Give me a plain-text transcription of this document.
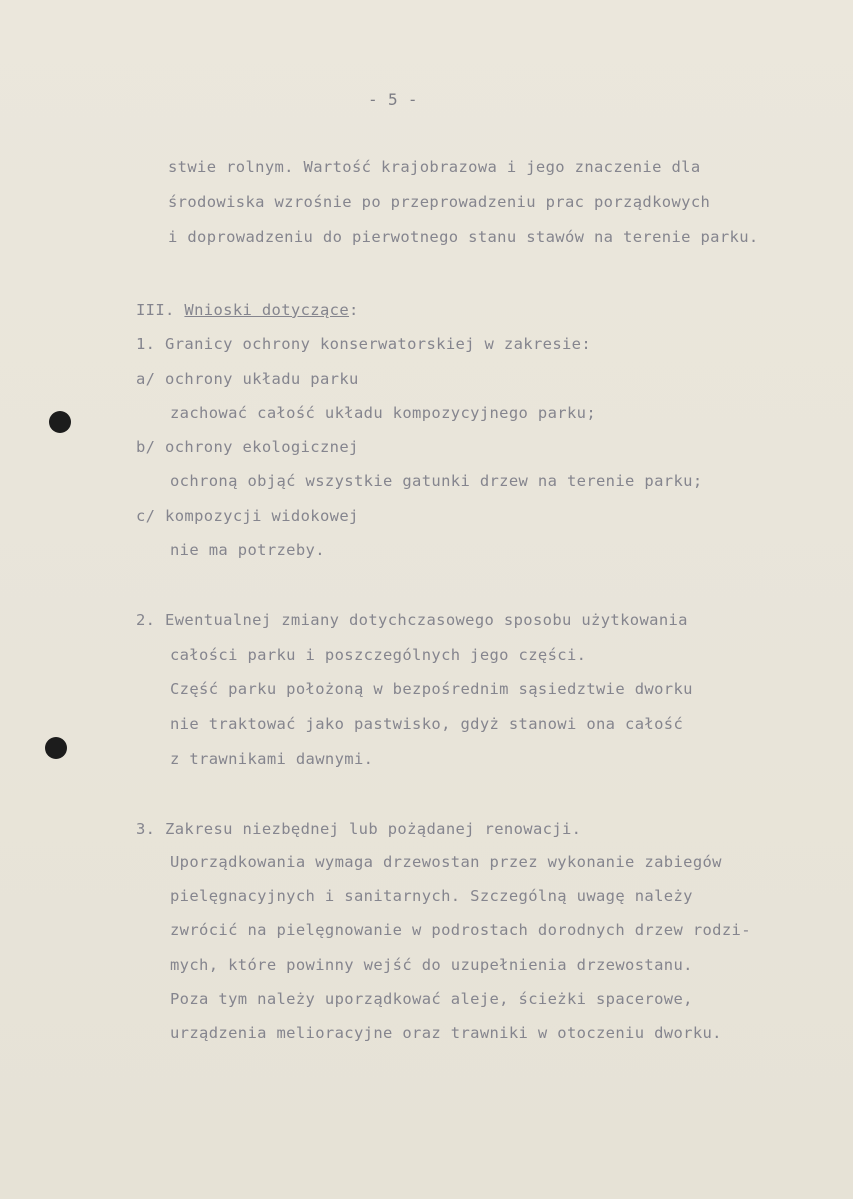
- 5 -
stwie rolnym. Wartość krajobrazowa i jego znaczenie dla
środowiska wzrośnie po przeprowadzeniu prac porządkowych
i doprowadzeniu do pierwotnego stanu stawów na terenie parku.
III. Wnioski dotyczące:
1. Granicy ochrony konserwatorskiej w zakresie:
a/ ochrony układu parku
zachować całość układu kompozycyjnego parku;
b/ ochrony ekologicznej
ochroną objąć wszystkie gatunki drzew na terenie parku;
c/ kompozycji widokowej
nie ma potrzeby.
2. Ewentualnej zmiany dotychczasowego sposobu użytkowania
całości parku i poszczególnych jego części.
Część parku położoną w bezpośrednim sąsiedztwie dworku
nie traktować jako pastwisko, gdyż stanowi ona całość
z trawnikami dawnymi.
3. Zakresu niezbędnej lub pożądanej renowacji.
Uporządkowania wymaga drzewostan przez wykonanie zabiegów
pielęgnacyjnych i sanitarnych. Szczególną uwagę należy
zwrócić na pielęgnowanie w podrostach dorodnych drzew rodzi-
mych, które powinny wejść do uzupełnienia drzewostanu.
Poza tym należy uporządkować aleje, ścieżki spacerowe,
urządzenia melioracyjne oraz trawniki w otoczeniu dworku.
